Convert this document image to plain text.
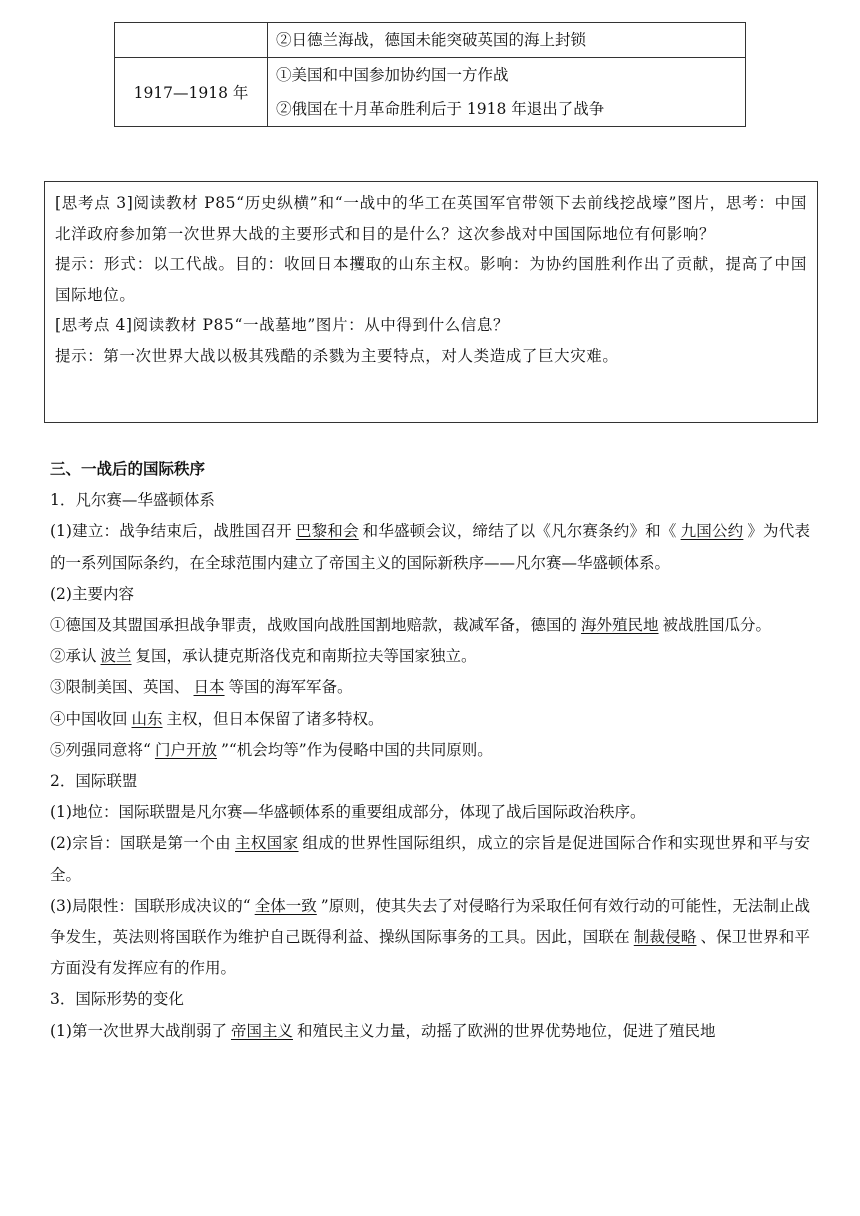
	②日德兰海战，德国未能突破英国的海上封锁

1917—1918 年	①美国和中国参加协约国一方作战
②俄国在十月革命胜利后于 1918 年退出了战争

[思考点 3]阅读教材 P85“历史纵横”和“一战中的华工在英国军官带领下去前线挖战壕”图片，思考：中国北洋政府参加第一次世界大战的主要形式和目的是什么？这次参战对中国国际地位有何影响？

提示：形式：以工代战。目的：收回日本攫取的山东主权。影响：为协约国胜利作出了贡献，提高了中国国际地位。

[思考点 4]阅读教材 P85“一战墓地”图片：从中得到什么信息？

提示：第一次世界大战以极其残酷的杀戮为主要特点，对人类造成了巨大灾难。

三、一战后的国际秩序

1．凡尔赛—华盛顿体系

(1)建立：战争结束后，战胜国召开 巴黎和会 和华盛顿会议，缔结了以《凡尔赛条约》和《 九国公约 》为代表的一系列国际条约，在全球范围内建立了帝国主义的国际新秩序——凡尔赛—华盛顿体系。

(2)主要内容

①德国及其盟国承担战争罪责，战败国向战胜国割地赔款，裁减军备，德国的 海外殖民地 被战胜国瓜分。

②承认 波兰 复国，承认捷克斯洛伐克和南斯拉夫等国家独立。

③限制美国、英国、 日本 等国的海军军备。

④中国收回 山东 主权，但日本保留了诸多特权。

⑤列强同意将“ 门户开放 ”“机会均等”作为侵略中国的共同原则。

2．国际联盟

(1)地位：国际联盟是凡尔赛—华盛顿体系的重要组成部分，体现了战后国际政治秩序。

(2)宗旨：国联是第一个由 主权国家 组成的世界性国际组织，成立的宗旨是促进国际合作和实现世界和平与安全。

(3)局限性：国联形成决议的“ 全体一致 ”原则，使其失去了对侵略行为采取任何有效行动的可能性，无法制止战争发生，英法则将国联作为维护自己既得利益、操纵国际事务的工具。因此，国联在 制裁侵略 、保卫世界和平方面没有发挥应有的作用。

3．国际形势的变化

(1)第一次世界大战削弱了 帝国主义 和殖民主义力量，动摇了欧洲的世界优势地位，促进了殖民地
